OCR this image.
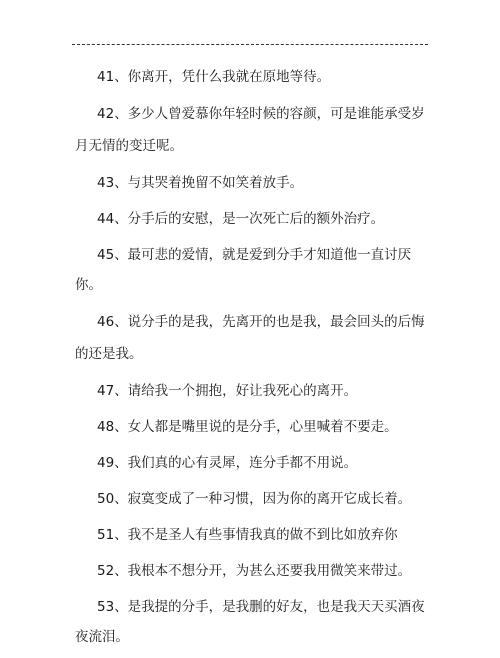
41、你离开，凭什么我就在原地等待。
42、多少人曾爱慕你年轻时候的容颜，可是谁能承受岁月无情的变迁呢。
43、与其哭着挽留不如笑着放手。
44、分手后的安慰，是一次死亡后的额外治疗。
45、最可悲的爱情，就是爱到分手才知道他一直讨厌你。
46、说分手的是我，先离开的也是我，最会回头的后悔的还是我。
47、请给我一个拥抱，好让我死心的离开。
48、女人都是嘴里说的是分手，心里喊着不要走。
49、我们真的心有灵犀，连分手都不用说。
50、寂寞变成了一种习惯，因为你的离开它成长着。
51、我不是圣人有些事情我真的做不到比如放弃你
52、我根本不想分开，为甚么还要我用微笑来带过。
53、是我提的分手，是我删的好友，也是我天天买酒夜夜流泪。
